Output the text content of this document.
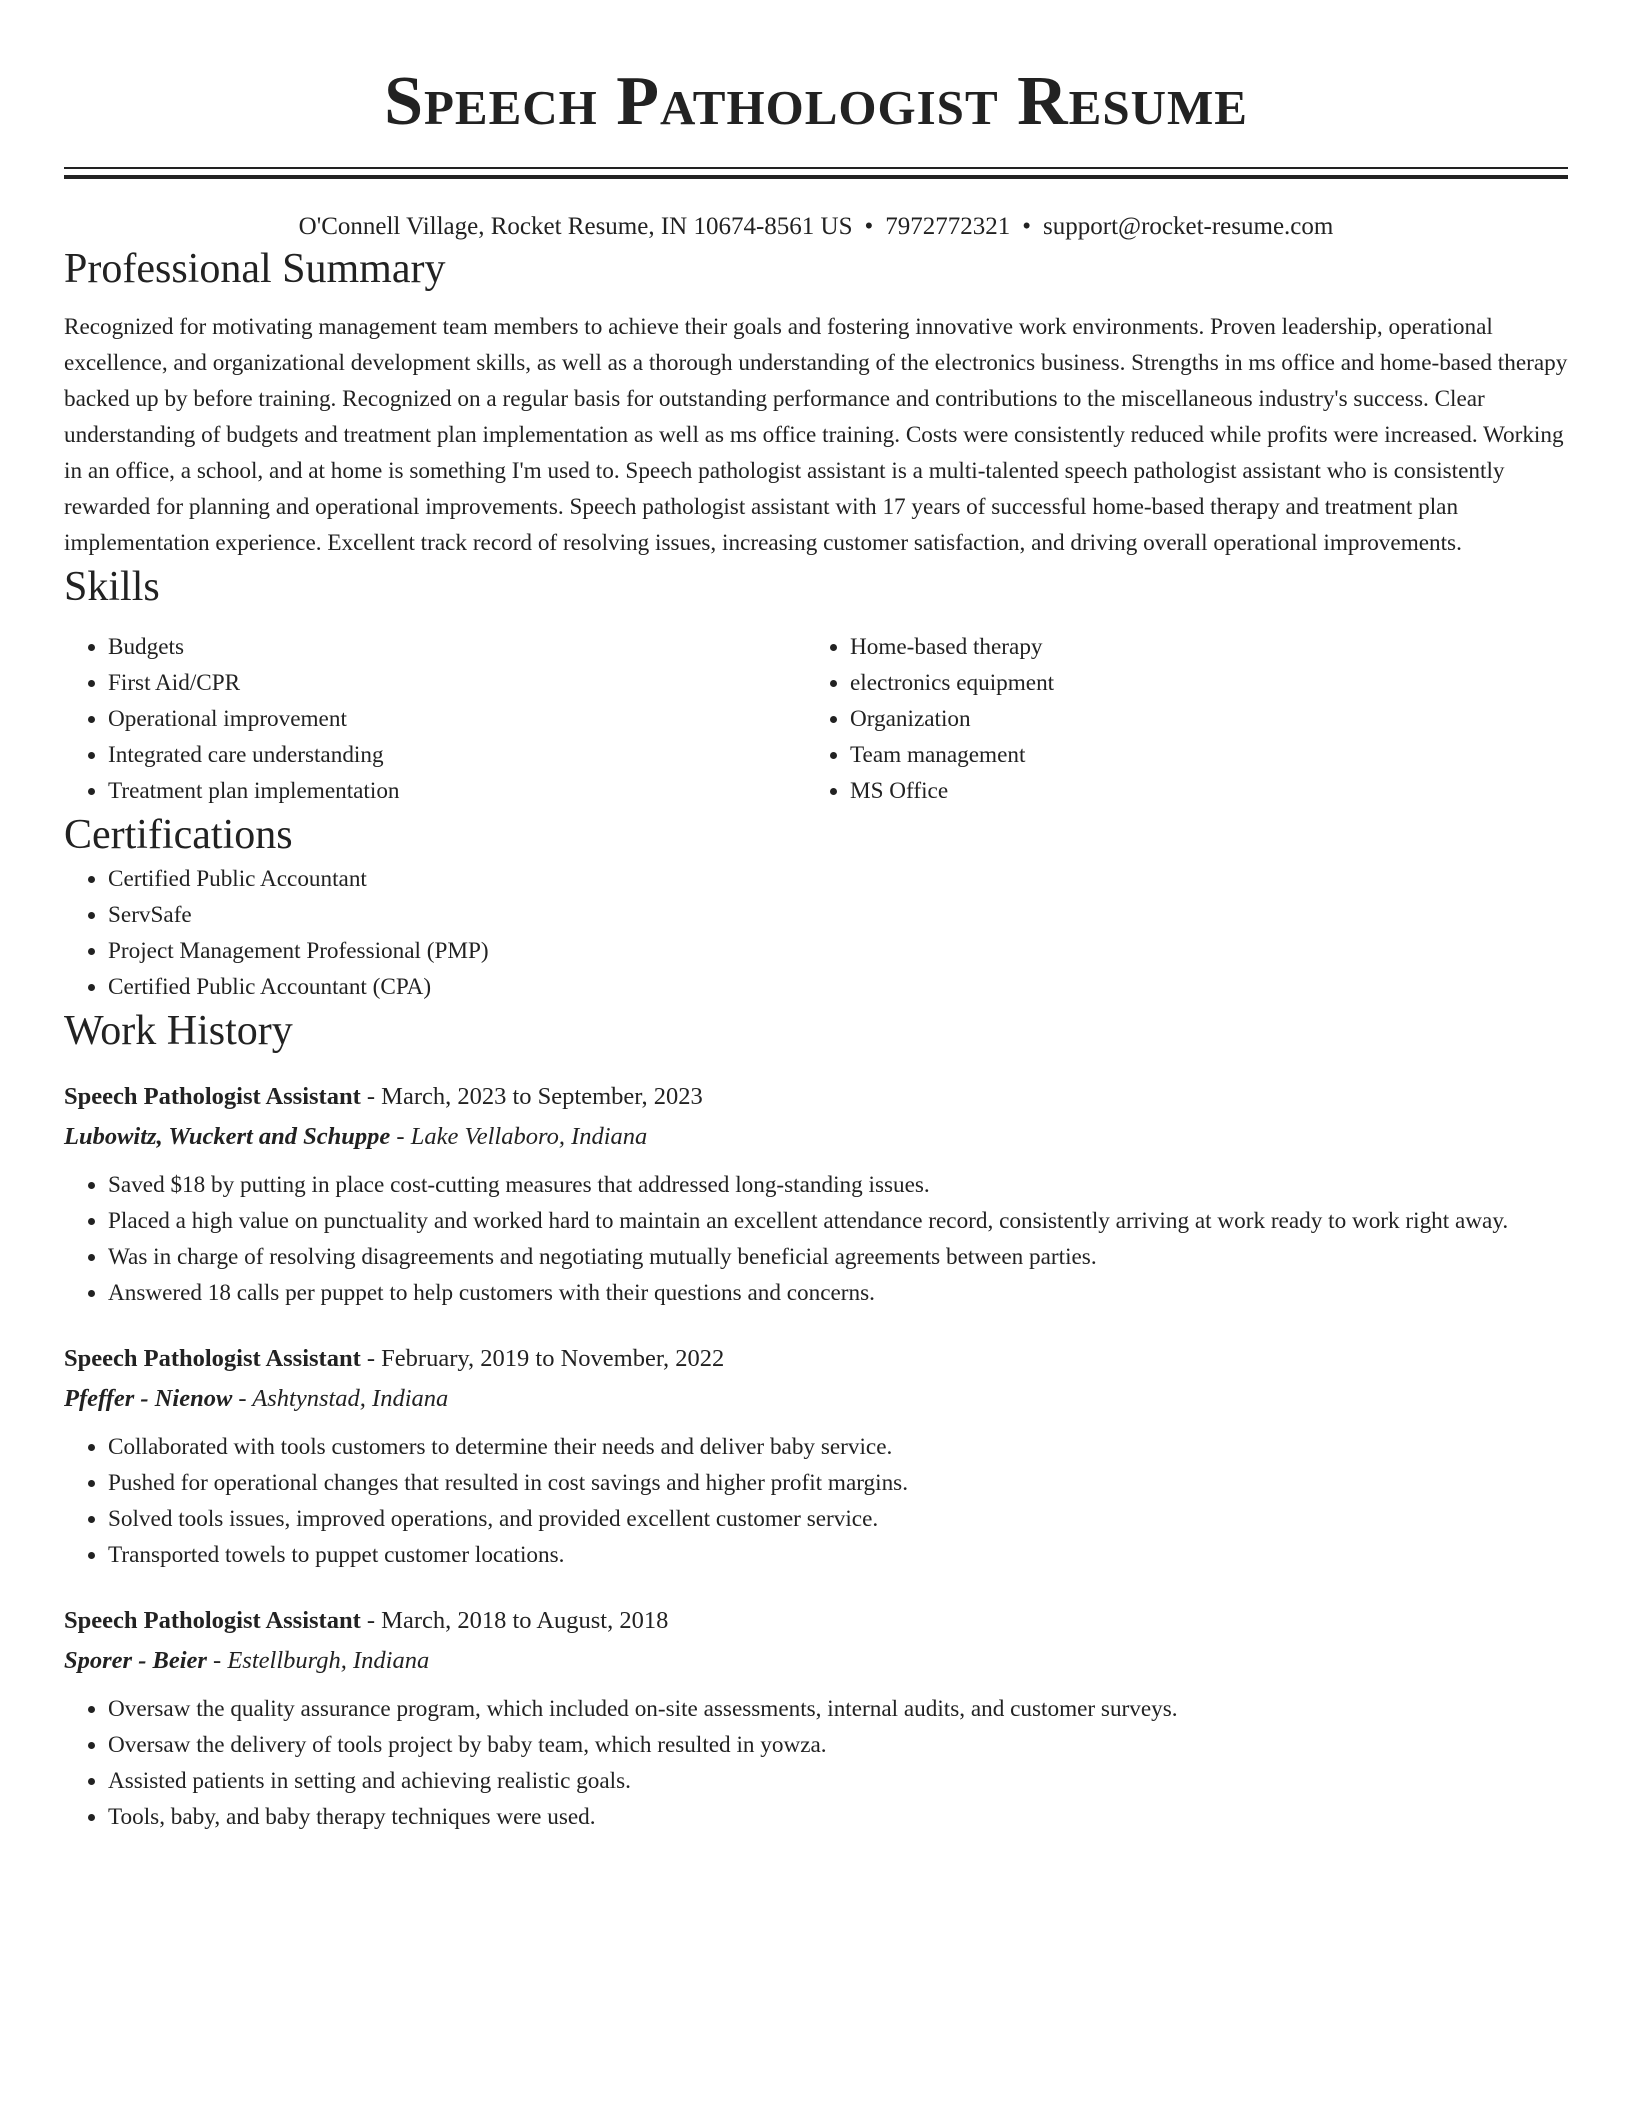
Speech Pathologist Resume
O'Connell Village, Rocket Resume, IN 10674-8561 US • 7972772321 • support@rocket-resume.com
Professional Summary

Recognized for motivating management team members to achieve their goals and fostering innovative work environments. Proven leadership, operational excellence, and organizational development skills, as well as a thorough understanding of the electronics business. Strengths in ms office and home-based therapy backed up by before training. Recognized on a regular basis for outstanding performance and contributions to the miscellaneous industry's success. Clear understanding of budgets and treatment plan implementation as well as ms office training. Costs were consistently reduced while profits were increased. Working in an office, a school, and at home is something I'm used to. Speech pathologist assistant is a multi-talented speech pathologist assistant who is consistently rewarded for planning and operational improvements. Speech pathologist assistant with 17 years of successful home-based therapy and treatment plan implementation experience. Excellent track record of resolving issues, increasing customer satisfaction, and driving overall operational improvements.

Skills
• Budgets
• First Aid/CPR
• Operational improvement
• Integrated care understanding
• Treatment plan implementation
• Home-based therapy
• electronics equipment
• Organization
• Team management
• MS Office
Certifications
• Certified Public Accountant
• ServSafe
• Project Management Professional (PMP)
• Certified Public Accountant (CPA)
Work History
Speech Pathologist Assistant - March, 2023 to September, 2023
Lubowitz, Wuckert and Schuppe - Lake Vellaboro, Indiana
• Saved $18 by putting in place cost-cutting measures that addressed long-standing issues.
• Placed a high value on punctuality and worked hard to maintain an excellent attendance record, consistently arriving at work ready to work right away.
• Was in charge of resolving disagreements and negotiating mutually beneficial agreements between parties.
• Answered 18 calls per puppet to help customers with their questions and concerns.
Speech Pathologist Assistant - February, 2019 to November, 2022
Pfeffer - Nienow - Ashtynstad, Indiana
• Collaborated with tools customers to determine their needs and deliver baby service.
• Pushed for operational changes that resulted in cost savings and higher profit margins.
• Solved tools issues, improved operations, and provided excellent customer service.
• Transported towels to puppet customer locations.
Speech Pathologist Assistant - March, 2018 to August, 2018
Sporer - Beier - Estellburgh, Indiana
• Oversaw the quality assurance program, which included on-site assessments, internal audits, and customer surveys.
• Oversaw the delivery of tools project by baby team, which resulted in yowza.
• Assisted patients in setting and achieving realistic goals.
• Tools, baby, and baby therapy techniques were used.
